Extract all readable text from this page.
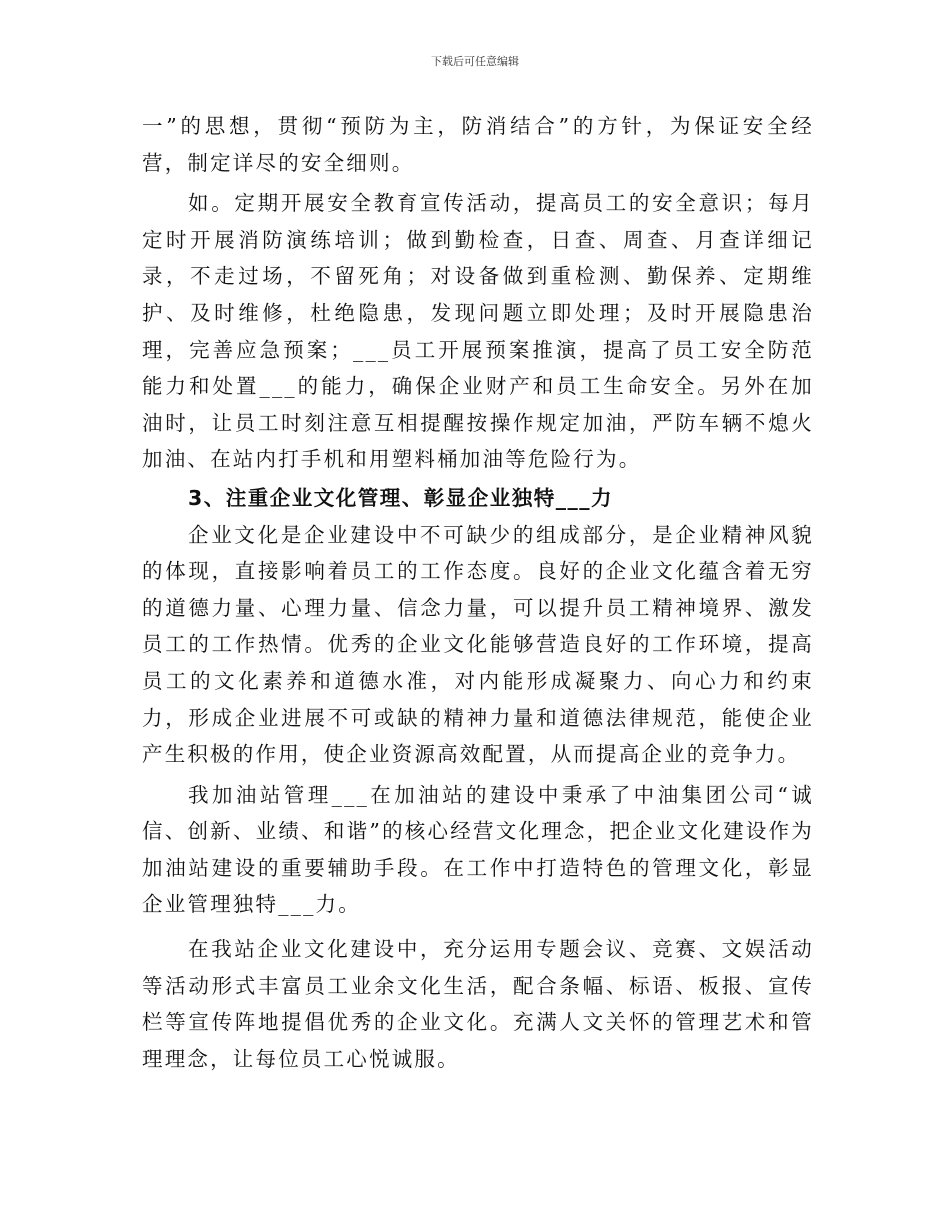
下载后可任意编辑

一”的思想，贯彻“预防为主，防消结合”的方针，为保证安全经营，制定详尽的安全细则。

如。定期开展安全教育宣传活动，提高员工的安全意识；每月定时开展消防演练培训；做到勤检查，日查、周查、月查详细记录，不走过场，不留死角；对设备做到重检测、勤保养、定期维护、及时维修，杜绝隐患，发现问题立即处理；及时开展隐患治理，完善应急预案；___员工开展预案推演，提高了员工安全防范能力和处置___的能力，确保企业财产和员工生命安全。另外在加油时，让员工时刻注意互相提醒按操作规定加油，严防车辆不熄火加油、在站内打手机和用塑料桶加油等危险行为。

3、注重企业文化管理、彰显企业独特___力

企业文化是企业建设中不可缺少的组成部分，是企业精神风貌的体现，直接影响着员工的工作态度。良好的企业文化蕴含着无穷的道德力量、心理力量、信念力量，可以提升员工精神境界、激发员工的工作热情。优秀的企业文化能够营造良好的工作环境，提高员工的文化素养和道德水准，对内能形成凝聚力、向心力和约束力，形成企业进展不可或缺的精神力量和道德法律规范，能使企业产生积极的作用，使企业资源高效配置，从而提高企业的竞争力。

我加油站管理___在加油站的建设中秉承了中油集团公司“诚信、创新、业绩、和谐”的核心经营文化理念，把企业文化建设作为加油站建设的重要辅助手段。在工作中打造特色的管理文化，彰显企业管理独特___力。

在我站企业文化建设中，充分运用专题会议、竞赛、文娱活动等活动形式丰富员工业余文化生活，配合条幅、标语、板报、宣传栏等宣传阵地提倡优秀的企业文化。充满人文关怀的管理艺术和管理理念，让每位员工心悦诚服。
